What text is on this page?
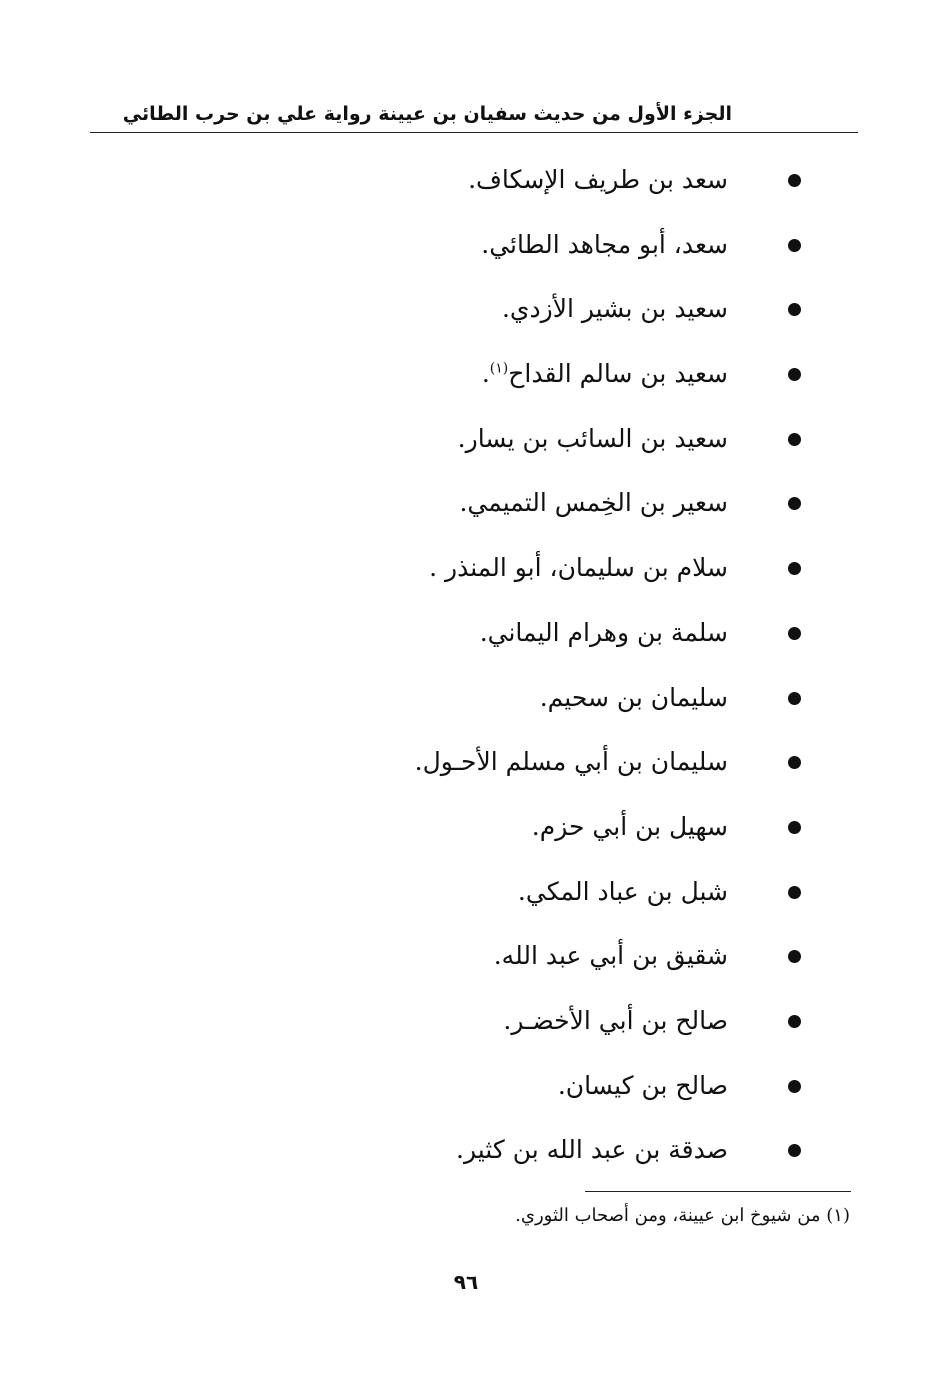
الجزء الأول من حديث سفيان بن عيينة رواية علي بن حرب الطائي
سعد بن طريف الإسكاف.
سعد، أبو مجاهد الطائي.
سعيد بن بشير الأزدي.
سعيد بن سالم القداح$^{(١)}$.
سعيد بن السائب بن يسار.
سعير بن الخِمس التميمي.
سلام بن سليمان، أبو المنذر .
سلمة بن وهرام اليماني.
سليمان بن سحيم.
سليمان بن أبي مسلم الأحـول.
سهيل بن أبي حزم.
شبل بن عباد المكي.
شقيق بن أبي عبد الله.
صالح بن أبي الأخضـر.
صالح بن كيسان.
صدقة بن عبد الله بن كثير.
(١) من شيوخ ابن عيينة، ومن أصحاب الثوري.
٩٦
